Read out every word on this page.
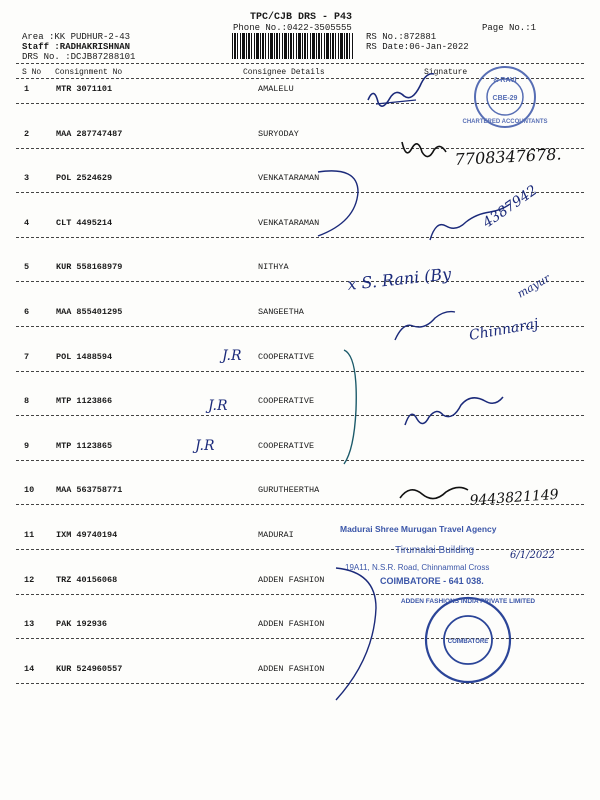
TPC/CJB DRS - P43
Phone No.:0422-3505555
Area :KK PUDHUR-2-43
Staff :RADHAKRISHNAN
DRS No. :DCJB87288101
RS No.:872881
RS Date:06-Jan-2022
Page No.:1
S No Consignment No	Consignee Details	Signature
1	MTR 3071101	AMALELU
2	MAA 287747487	SURYODAY
3	POL 2524629	VENKATARAMAN
4	CLT 4495214	VENKATARAMAN
5	KUR 558168979	NITHYA
6	MAA 855401295	SANGEETHA
7	POL 1488594	COOPERATIVE
8	MTP 1123866	COOPERATIVE
9	MTP 1123865	COOPERATIVE
10	MAA 563758771	GURUTHEERTHA
11	IXM 49740194	MADURAI
12	TRZ 40156068	ADDEN FASHION
13	PAK 192936	ADDEN FASHION
14	KUR 524960557	ADDEN FASHION
& RAVI
CBE-29
CHARTERED ACCOUNTANTS
7708347678.
4387942
x S. Rani (By	mayur
Chinnaraj
J.R
J.R
J.R
9443821149
Madurai Shree Murugan Travel Agency
Tirumalai Building
19A11, N.S.R. Road, Chinnammal Cross
COIMBATORE - 641 038.
6/1/2022
ADDEN FASHIONS INDIA PRIVATE LIMITED
COIMBATORE
